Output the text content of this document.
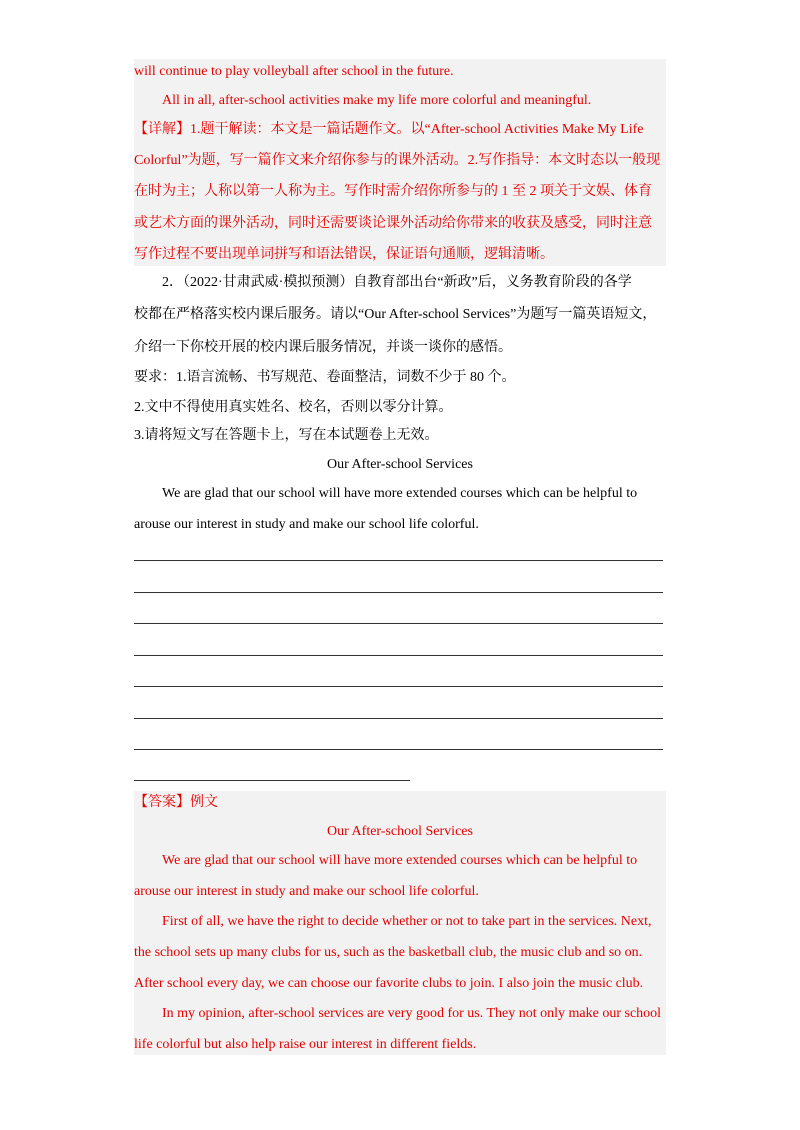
will continue to play volleyball after school in the future.
All in all, after-school activities make my life more colorful and meaningful.
【详解】1.题干解读：本文是一篇话题作文。以“After-school Activities Make My Life
Colorful”为题，写一篇作文来介绍你参与的课外活动。2.写作指导：本文时态以一般现
在时为主；人称以第一人称为主。写作时需介绍你所参与的 1 至 2 项关于文娱、体育
或艺术方面的课外活动，同时还需要谈论课外活动给你带来的收获及感受，同时注意
写作过程不要出现单词拼写和语法错误，保证语句通顺，逻辑清晰。
2．（2022·甘肃武威·模拟预测）自教育部出台“新政”后，义务教育阶段的各学
校都在严格落实校内课后服务。请以“Our After-school Services”为题写一篇英语短文，
介绍一下你校开展的校内课后服务情况，并谈一谈你的感悟。
要求：1.语言流畅、书写规范、卷面整洁，词数不少于 80 个。
2.文中不得使用真实姓名、校名，否则以零分计算。
3.请将短文写在答题卡上，写在本试题卷上无效。
Our After-school Services
We are glad that our school will have more extended courses which can be helpful to
arouse our interest in study and make our school life colorful.
【答案】例文
Our After-school Services
We are glad that our school will have more extended courses which can be helpful to
arouse our interest in study and make our school life colorful.
First of all, we have the right to decide whether or not to take part in the services. Next,
the school sets up many clubs for us, such as the basketball club, the music club and so on.
After school every day, we can choose our favorite clubs to join. I also join the music club.
In my opinion, after-school services are very good for us. They not only make our school
life colorful but also help raise our interest in different fields.
